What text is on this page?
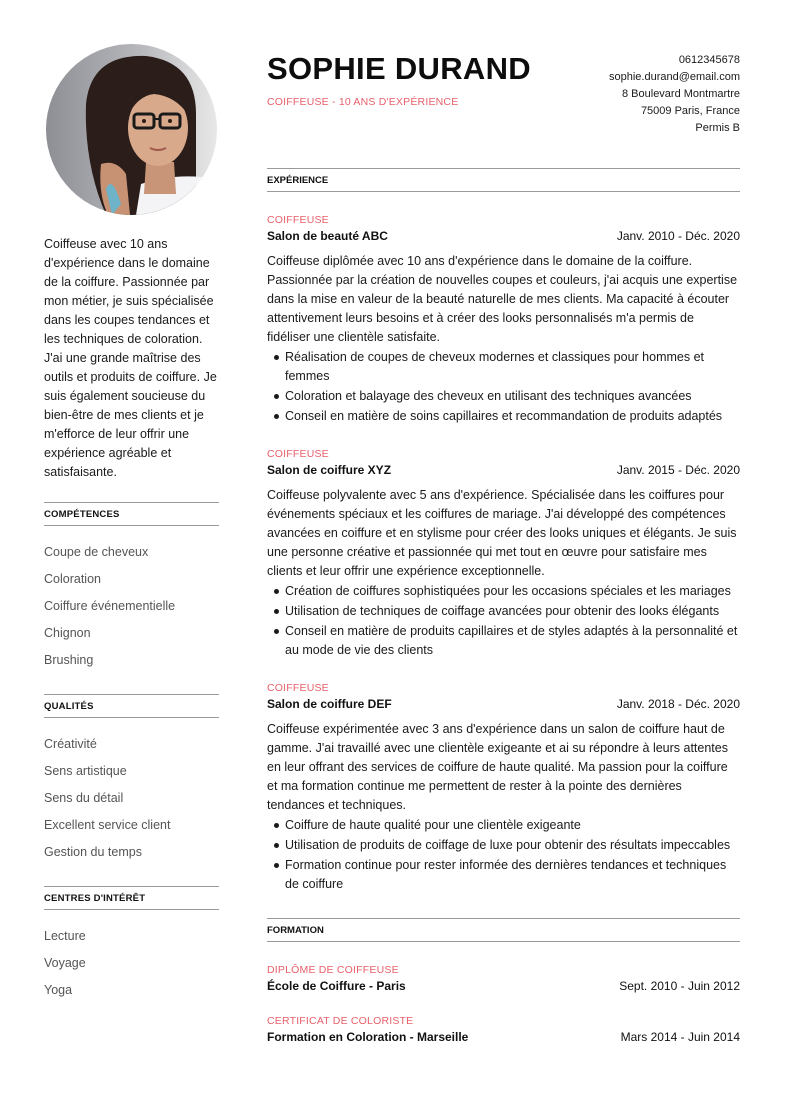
Coiffeuse avec 10 ans d'expérience dans le domaine de la coiffure. Passionnée par mon métier, je suis spécialisée dans les coupes tendances et les techniques de coloration. J'ai une grande maîtrise des outils et produits de coiffure. Je suis également soucieuse du bien-être de mes clients et je m'efforce de leur offrir une expérience agréable et satisfaisante.

COMPÉTENCES
Coupe de cheveux
Coloration
Coiffure événementielle
Chignon
Brushing
QUALITÉS
Créativité
Sens artistique
Sens du détail
Excellent service client
Gestion du temps
CENTRES D'INTÉRÊT
Lecture
Voyage
Yoga
SOPHIE DURAND
COIFFEUSE - 10 ANS D'EXPÉRIENCE
0612345678
sophie.durand@email.com
8 Boulevard Montmartre
75009 Paris, France
Permis B
EXPÉRIENCE
COIFFEUSE
Salon de beauté ABC	Janv. 2010 - Déc. 2020

Coiffeuse diplômée avec 10 ans d'expérience dans le domaine de la coiffure. Passionnée par la création de nouvelles coupes et couleurs, j'ai acquis une expertise dans la mise en valeur de la beauté naturelle de mes clients. Ma capacité à écouter attentivement leurs besoins et à créer des looks personnalisés m'a permis de fidéliser une clientèle satisfaite.

Réalisation de coupes de cheveux modernes et classiques pour hommes et femmes
Coloration et balayage des cheveux en utilisant des techniques avancées
Conseil en matière de soins capillaires et recommandation de produits adaptés
COIFFEUSE
Salon de coiffure XYZ	Janv. 2015 - Déc. 2020

Coiffeuse polyvalente avec 5 ans d'expérience. Spécialisée dans les coiffures pour événements spéciaux et les coiffures de mariage. J'ai développé des compétences avancées en coiffure et en stylisme pour créer des looks uniques et élégants. Je suis une personne créative et passionnée qui met tout en œuvre pour satisfaire mes clients et leur offrir une expérience exceptionnelle.

Création de coiffures sophistiquées pour les occasions spéciales et les mariages
Utilisation de techniques de coiffage avancées pour obtenir des looks élégants
Conseil en matière de produits capillaires et de styles adaptés à la personnalité et au mode de vie des clients
COIFFEUSE
Salon de coiffure DEF	Janv. 2018 - Déc. 2020

Coiffeuse expérimentée avec 3 ans d'expérience dans un salon de coiffure haut de gamme. J'ai travaillé avec une clientèle exigeante et ai su répondre à leurs attentes en leur offrant des services de coiffure de haute qualité. Ma passion pour la coiffure et ma formation continue me permettent de rester à la pointe des dernières tendances et techniques.

Coiffure de haute qualité pour une clientèle exigeante
Utilisation de produits de coiffage de luxe pour obtenir des résultats impeccables
Formation continue pour rester informée des dernières tendances et techniques de coiffure
FORMATION
DIPLÔME DE COIFFEUSE
École de Coiffure - Paris	Sept. 2010 - Juin 2012
CERTIFICAT DE COLORISTE
Formation en Coloration - Marseille	Mars 2014 - Juin 2014
